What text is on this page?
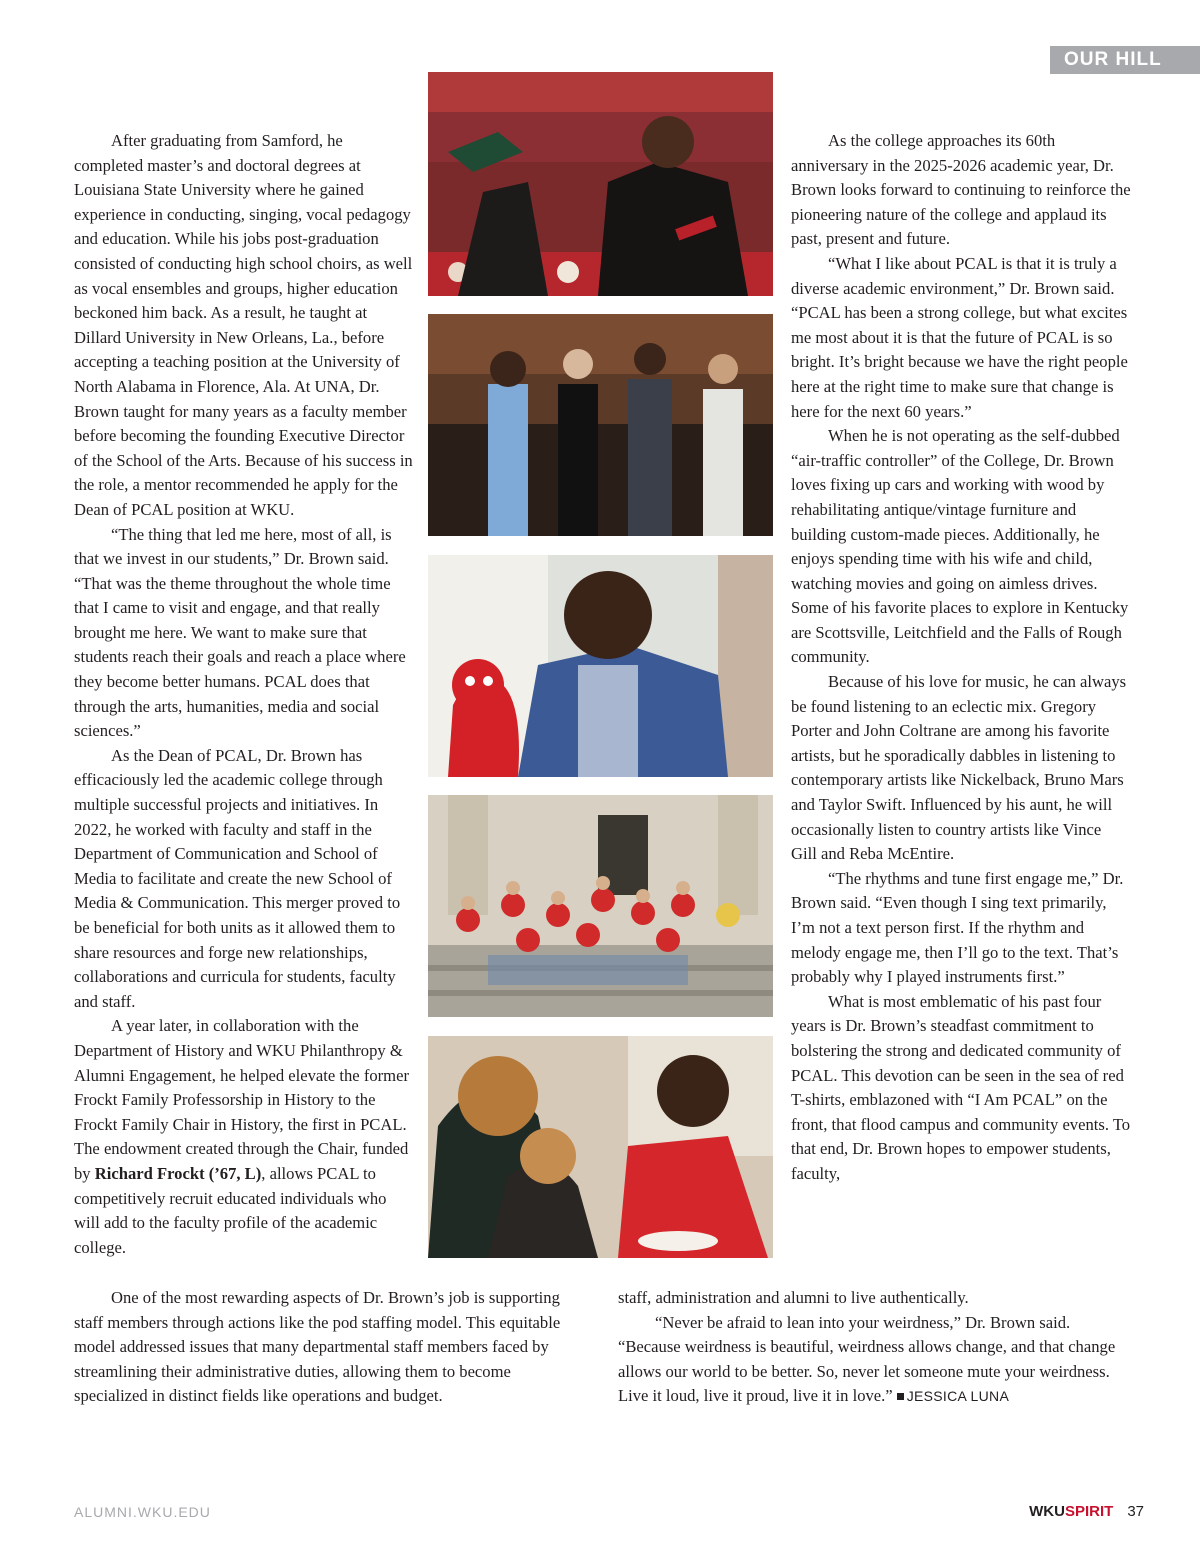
OUR HILL

After graduating from Samford, he completed master’s and doctoral degrees at Louisiana State University where he gained experience in conducting, singing, vocal pedagogy and education. While his jobs post-graduation consisted of conducting high school choirs, as well as vocal ensembles and groups, higher education beckoned him back. As a result, he taught at Dillard University in New Orleans, La., before accepting a teaching position at the University of North Alabama in Florence, Ala. At UNA, Dr. Brown taught for many years as a faculty member before becoming the founding Executive Director of the School of the Arts. Because of his success in the role, a mentor recommended he apply for the Dean of PCAL position at WKU.

“The thing that led me here, most of all, is that we invest in our students,” Dr. Brown said. “That was the theme throughout the whole time that I came to visit and engage, and that really brought me here. We want to make sure that students reach their goals and reach a place where they become better humans. PCAL does that through the arts, humanities, media and social sciences.”

As the Dean of PCAL, Dr. Brown has efficaciously led the academic college through multiple successful projects and initiatives. In 2022, he worked with faculty and staff in the Department of Communication and School of Media to facilitate and create the new School of Media & Communication. This merger proved to be beneficial for both units as it allowed them to share resources and forge new relationships, collaborations and curricula for students, faculty and staff.

A year later, in collaboration with the Department of History and WKU Philanthropy & Alumni Engagement, he helped elevate the former Frockt Family Professorship in History to the Frockt Family Chair in History, the first in PCAL. The endowment created through the Chair, funded by Richard Frockt (’67, L), allows PCAL to competitively recruit educated individuals who will add to the faculty profile of the academic college.

As the college approaches its 60th anniversary in the 2025-2026 academic year, Dr. Brown looks forward to continuing to reinforce the pioneering nature of the college and applaud its past, present and future.

“What I like about PCAL is that it is truly a diverse academic environment,” Dr. Brown said. “PCAL has been a strong college, but what excites me most about it is that the future of PCAL is so bright. It’s bright because we have the right people here at the right time to make sure that change is here for the next 60 years.”

When he is not operating as the self-dubbed “air-traffic controller” of the College, Dr. Brown loves fixing up cars and working with wood by rehabilitating antique/vintage furniture and building custom-made pieces. Additionally, he enjoys spending time with his wife and child, watching movies and going on aimless drives. Some of his favorite places to explore in Kentucky are Scottsville, Leitchfield and the Falls of Rough community.

Because of his love for music, he can always be found listening to an eclectic mix. Gregory Porter and John Coltrane are among his favorite artists, but he sporadically dabbles in listening to contemporary artists like Nickelback, Bruno Mars and Taylor Swift. Influenced by his aunt, he will occasionally listen to country artists like Vince Gill and Reba McEntire.

“The rhythms and tune first engage me,” Dr. Brown said. “Even though I sing text primarily, I’m not a text person first. If the rhythm and melody engage me, then I’ll go to the text. That’s probably why I played instruments first.”

What is most emblematic of his past four years is Dr. Brown’s steadfast commitment to bolstering the strong and dedicated community of PCAL. This devotion can be seen in the sea of red T-shirts, emblazoned with “I Am PCAL” on the front, that flood campus and community events. To that end, Dr. Brown hopes to empower students, faculty,

One of the most rewarding aspects of Dr. Brown’s job is supporting staff members through actions like the pod staffing model. This equitable model addressed issues that many departmental staff members faced by streamlining their administrative duties, allowing them to become specialized in distinct fields like operations and budget.

staff, administration and alumni to live authentically.

“Never be afraid to lean into your weirdness,” Dr. Brown said. “Because weirdness is beautiful, weirdness allows change, and that change allows our world to be better. So, never let someone mute your weirdness. Live it loud, live it proud, live it in love.” JESSICA LUNA

ALUMNI.WKU.EDU	WKUSPIRIT 37
